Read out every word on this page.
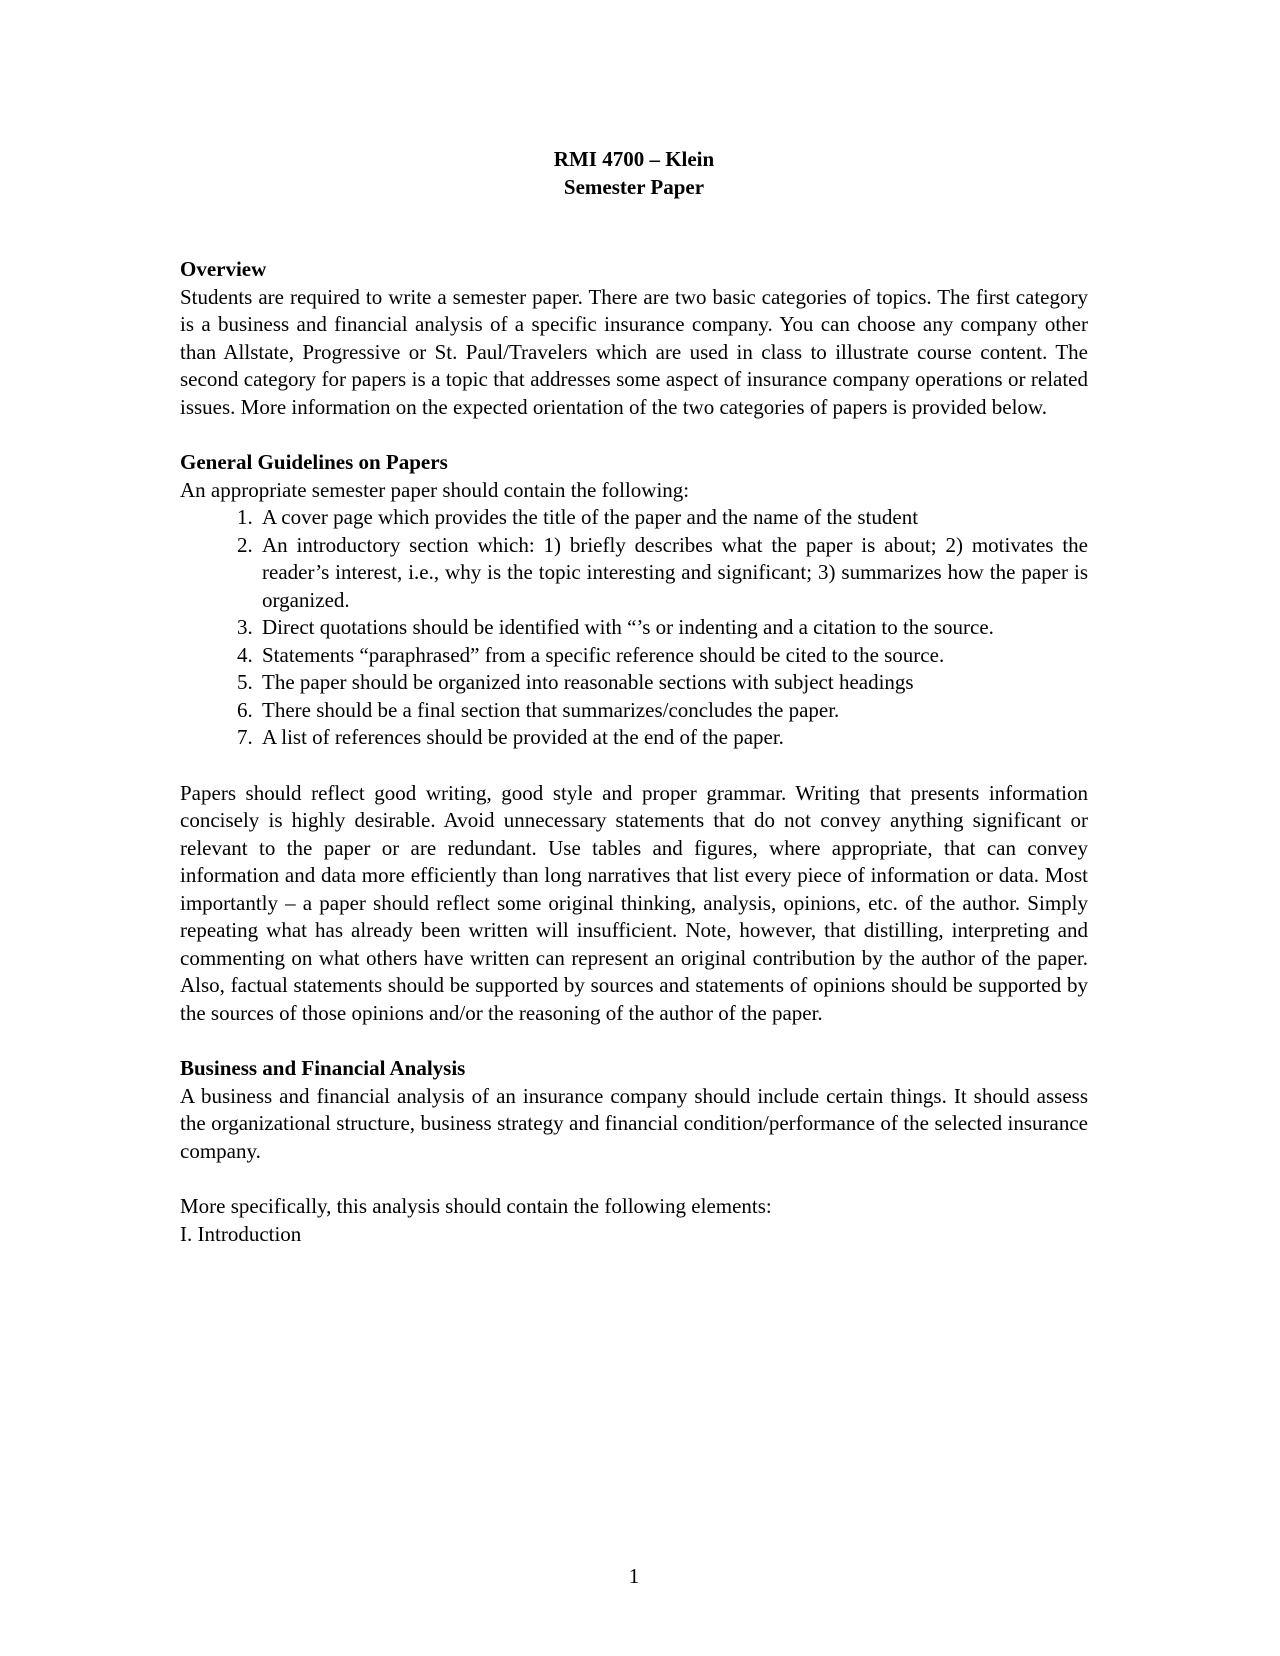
RMI 4700 – Klein
Semester Paper
Overview
Students are required to write a semester paper. There are two basic categories of topics. The first category is a business and financial analysis of a specific insurance company. You can choose any company other than Allstate, Progressive or St. Paul/Travelers which are used in class to illustrate course content. The second category for papers is a topic that addresses some aspect of insurance company operations or related issues. More information on the expected orientation of the two categories of papers is provided below.
General Guidelines on Papers
An appropriate semester paper should contain the following:
1. A cover page which provides the title of the paper and the name of the student
2. An introductory section which: 1) briefly describes what the paper is about; 2) motivates the reader’s interest, i.e., why is the topic interesting and significant; 3) summarizes how the paper is organized.
3. Direct quotations should be identified with “’s or indenting and a citation to the source.
4. Statements “paraphrased” from a specific reference should be cited to the source.
5. The paper should be organized into reasonable sections with subject headings
6. There should be a final section that summarizes/concludes the paper.
7. A list of references should be provided at the end of the paper.
Papers should reflect good writing, good style and proper grammar. Writing that presents information concisely is highly desirable. Avoid unnecessary statements that do not convey anything significant or relevant to the paper or are redundant. Use tables and figures, where appropriate, that can convey information and data more efficiently than long narratives that list every piece of information or data. Most importantly – a paper should reflect some original thinking, analysis, opinions, etc. of the author. Simply repeating what has already been written will insufficient. Note, however, that distilling, interpreting and commenting on what others have written can represent an original contribution by the author of the paper. Also, factual statements should be supported by sources and statements of opinions should be supported by the sources of those opinions and/or the reasoning of the author of the paper.
Business and Financial Analysis
A business and financial analysis of an insurance company should include certain things. It should assess the organizational structure, business strategy and financial condition/performance of the selected insurance company.
More specifically, this analysis should contain the following elements:
I. Introduction
1
